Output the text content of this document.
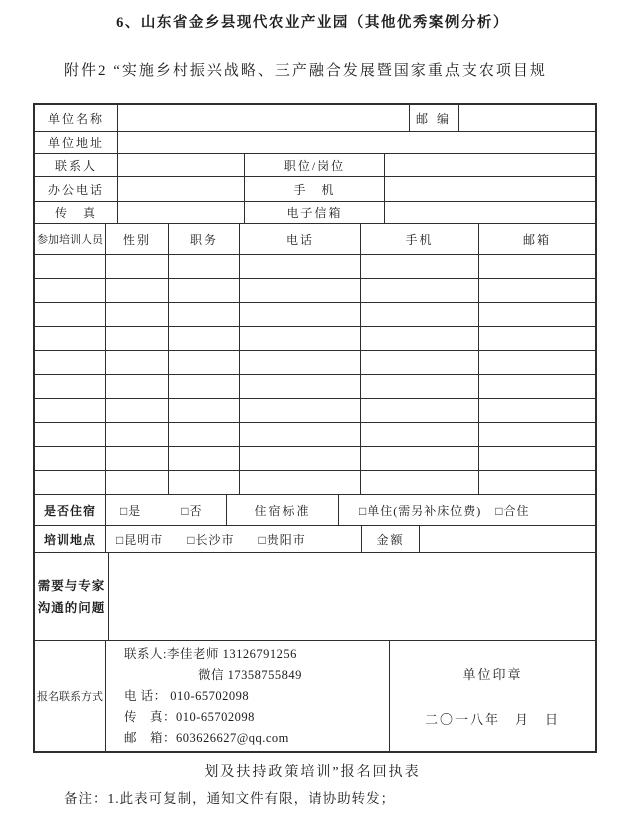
6、山东省金乡县现代农业产业园（其他优秀案例分析）
附件2 “实施乡村振兴战略、三产融合发展暨国家重点支农项目规
单位名称	邮 编
单位地址
联系人	职位/岗位
办公电话	手　机
传　真	电子信箱
参加培训人员	性别	职务	电话	手机	邮箱
是否住宿	□是	□否	住宿标准	□单住(需另补床位费) □合住
培训地点	□昆明市 □长沙市 □贵阳市	金额
需要与专家
沟通的问题
报名联系方式
联系人:李佳老师 13126791256
微信 17358755849
电 话： 010-65702098
传　真：010-65702098
邮　箱：603626627@qq.com
单位印章
二〇一八年　月　日
划及扶持政策培训”报名回执表
备注：1.此表可复制，通知文件有限，请协助转发；
